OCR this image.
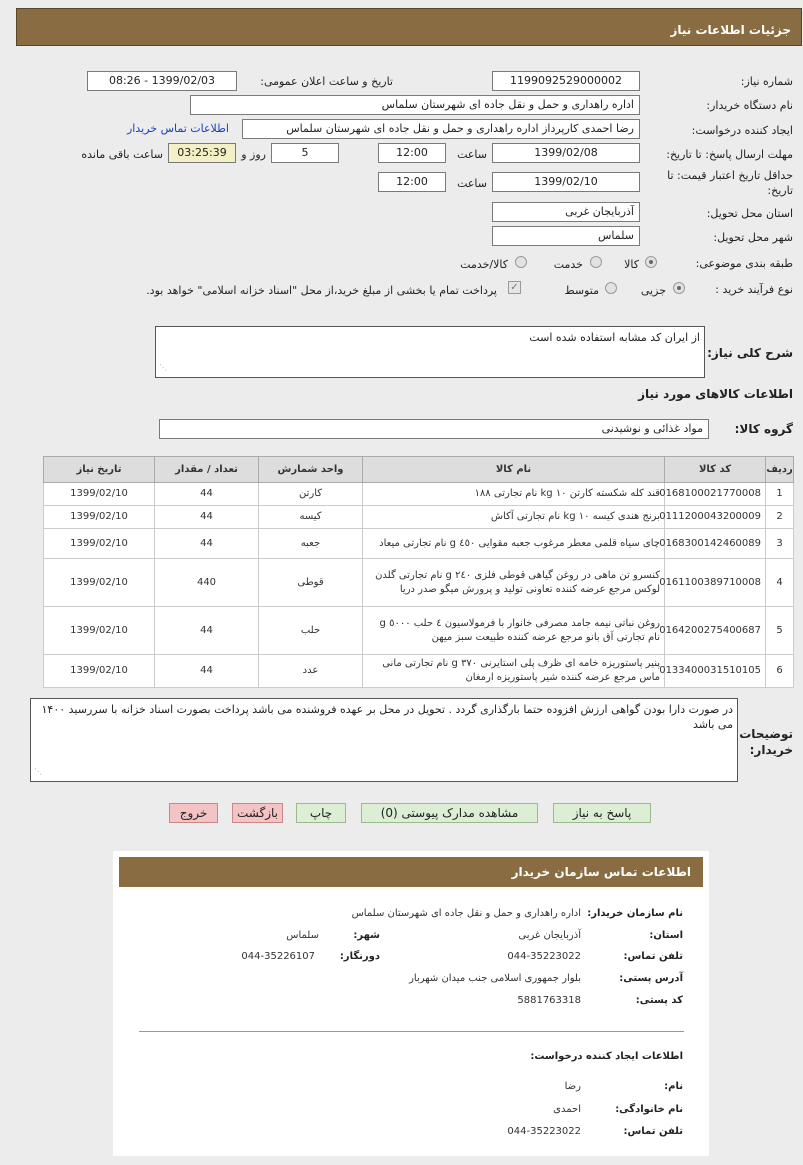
جزئیات اطلاعات نیاز
شماره نیاز:
1199092529000002
تاریخ و ساعت اعلان عمومی:
1399/02/03 - 08:26
نام دستگاه خریدار:
اداره راهداری و حمل و نقل جاده ای شهرستان سلماس
ایجاد کننده درخواست:
رضا احمدی کارپرداز اداره راهداری و حمل و نقل جاده ای شهرستان سلماس
اطلاعات تماس خریدار
مهلت ارسال پاسخ: تا تاریخ:
1399/02/08
ساعت
12:00
5
روز و
03:25:39
ساعت باقی مانده
حداقل تاریخ اعتبار قیمت: تا تاریخ:
1399/02/10
ساعت
12:00
استان محل تحویل:
آذربایجان غربی
شهر محل تحویل:
سلماس
طبقه بندی موضوعی:
کالا
خدمت
کالا/خدمت
نوع فرآیند خرید :
جزیی
متوسط
✓
پرداخت تمام یا بخشی از مبلغ خرید،از محل "اسناد خزانه اسلامی" خواهد بود.
شرح کلی نیاز:
از ایران کد مشابه استفاده شده است
⋰
اطلاعات کالاهای مورد نیاز
گروه کالا:
مواد غذائی و نوشیدنی
ردیف	کد کالا	نام کالا	واحد شمارش	تعداد / مقدار	تاریخ نیاز
1	0168100021770008	قند کله شکسته کارتن ۱۰ kg نام تجارتی ۱۸۸	کارتن	44	1399/02/10
2	0111200043200009	برنج هندی کیسه ۱۰ kg نام تجارتی آکاش	کیسه	44	1399/02/10
3	0168300142460089	چای سیاه قلمی معطر مرغوب جعبه مقوایی ٤٥٠ g نام تجارتی میعاد	جعبه	44	1399/02/10
4	0161100389710008	کنسرو تن ماهی در روغن گیاهی قوطی فلزی ٢٤٠ g نام تجارتی گلدن لوکس مرجع عرضه کننده تعاونی تولید و پرورش میگو صدر دریا	قوطی	440	1399/02/10
5	0164200275400687	روغن نباتی نیمه جامد مصرفی خانوار با فرمولاسیون ٤ حلب ٥٠٠٠ g نام تجارتی آق بانو مرجع عرضه کننده طبیعت سبز میهن	حلب	44	1399/02/10
6	0133400031510105	پنیر پاستوریزه خامه ای ظرف پلی استایرنی ۳۷۰ g نام تجارتی مانی ماس مرجع عرضه کننده شیر پاستوریزه ارمغان	عدد	44	1399/02/10
توضیحات خریدار:
در صورت دارا بودن گواهی ارزش افزوده حتما بارگذاری گردد . تحویل در محل بر عهده فروشنده می باشد پرداخت بصورت اسناد خزانه با سررسید ۱۴۰۰ می باشد
⋰
پاسخ به نیاز
مشاهده مدارک پیوستی (0)
چاپ
بازگشت
خروج
اطلاعات تماس سازمان خریدار
نام سازمان خریدار:
اداره راهداری و حمل و نقل جاده ای شهرستان سلماس
استان:
آذربایجان غربی
شهر:
سلماس
تلفن تماس:
044-35223022
دورنگار:
044-35226107
آدرس پستی:
بلوار جمهوری اسلامی جنب میدان شهربار
کد پستی:
5881763318
اطلاعات ایجاد کننده درخواست:
نام:
رضا
نام خانوادگی:
احمدی
تلفن تماس:
044-35223022
